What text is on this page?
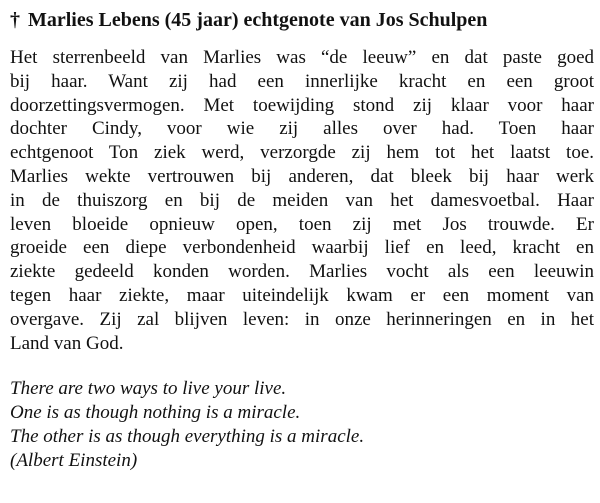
† Marlies Lebens (45 jaar) echtgenote van Jos Schulpen
Het sterrenbeeld van Marlies was “de leeuw” en dat paste goed
bij haar. Want zij had een innerlijke kracht en een groot
doorzettingsvermogen. Met toewijding stond zij klaar voor haar
dochter Cindy, voor wie zij alles over had. Toen haar
echtgenoot Ton ziek werd, verzorgde zij hem tot het laatst toe.
Marlies wekte vertrouwen bij anderen, dat bleek bij haar werk
in de thuiszorg en bij de meiden van het damesvoetbal. Haar
leven bloeide opnieuw open, toen zij met Jos trouwde. Er
groeide een diepe verbondenheid waarbij lief en leed, kracht en
ziekte gedeeld konden worden. Marlies vocht als een leeuwin
tegen haar ziekte, maar uiteindelijk kwam er een moment van
overgave. Zij zal blijven leven: in onze herinneringen en in het
Land van God.
There are two ways to live your live.
One is as though nothing is a miracle.
The other is as though everything is a miracle.
(Albert Einstein)
